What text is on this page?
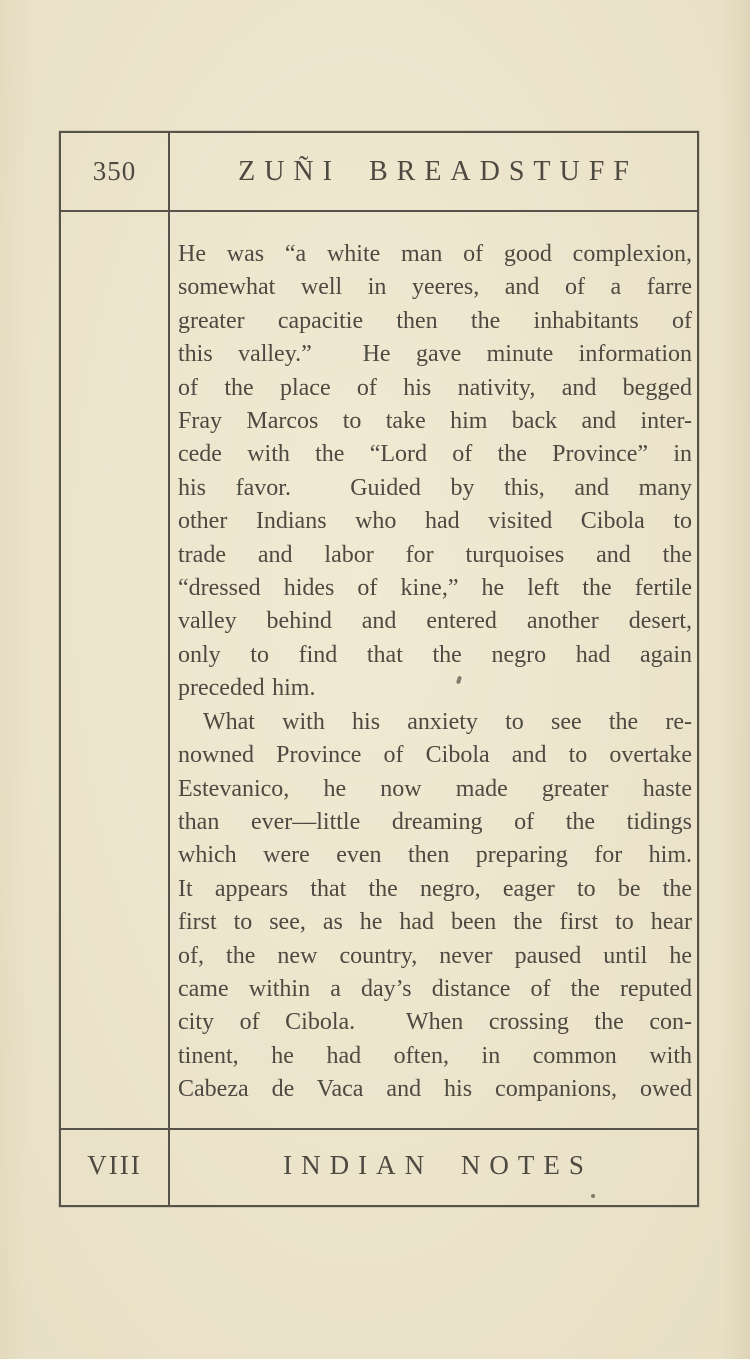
350	ZUÑI BREADSTUFF
He was “a white man of good complexion,
somewhat well in yeeres, and of a farre
greater capacitie then the inhabitants of
this valley.”  He gave minute information
of the place of his nativity, and begged
Fray Marcos to take him back and inter-
cede with the “Lord of the Province” in
his favor.  Guided by this, and many
other Indians who had visited Cibola to
trade and labor for turquoises and the
“dressed hides of kine,” he left the fertile
valley behind and entered another desert,
only to find that the negro had again
preceded him.
What with his anxiety to see the re-
nowned Province of Cibola and to overtake
Estevanico, he now made greater haste
than ever—little dreaming of the tidings
which were even then preparing for him.
It appears that the negro, eager to be the
first to see, as he had been the first to hear
of, the new country, never paused until he
came within a day’s distance of the reputed
city of Cibola.  When crossing the con-
tinent, he had often, in common with
Cabeza de Vaca and his companions, owed
VIII	INDIAN NOTES
